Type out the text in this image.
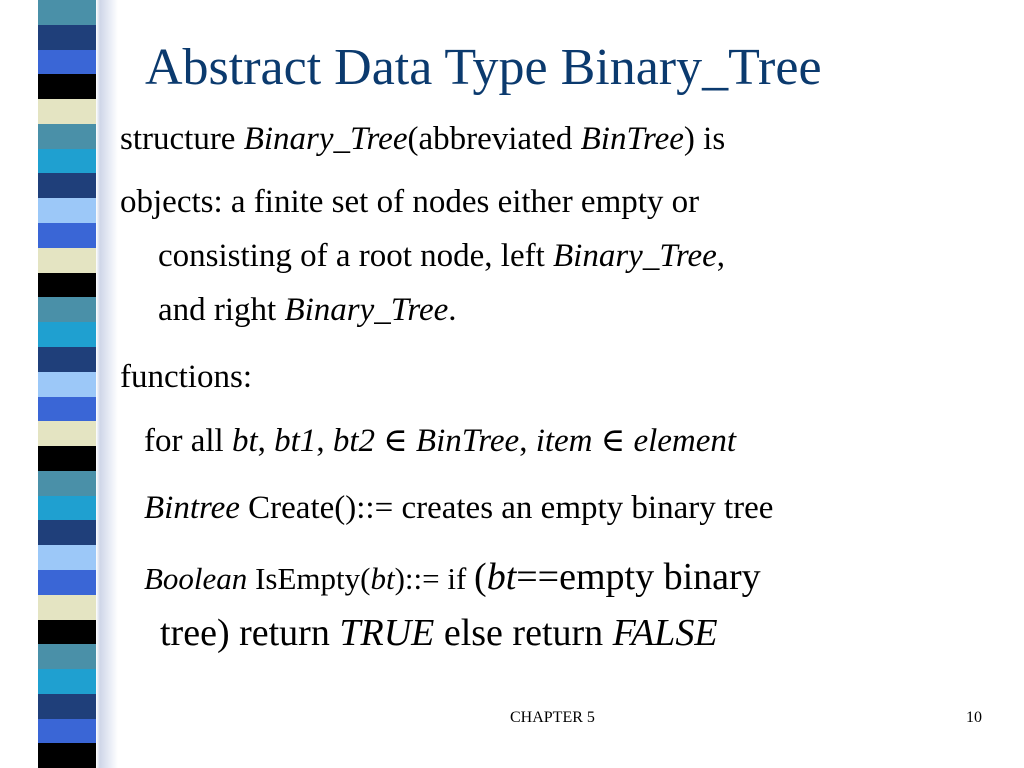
Abstract Data Type Binary_Tree

structure Binary_Tree(abbreviated BinTree) is

objects: a finite set of nodes either empty or

consisting of a root node, left Binary_Tree,

and right Binary_Tree.

functions:

for all bt, bt1, bt2 ∈ BinTree, item ∈ element

Bintree Create()::= creates an empty binary tree

Boolean IsEmpty(bt)::= if (bt==empty binary

tree) return TRUE else return FALSE

CHAPTER 5	10
